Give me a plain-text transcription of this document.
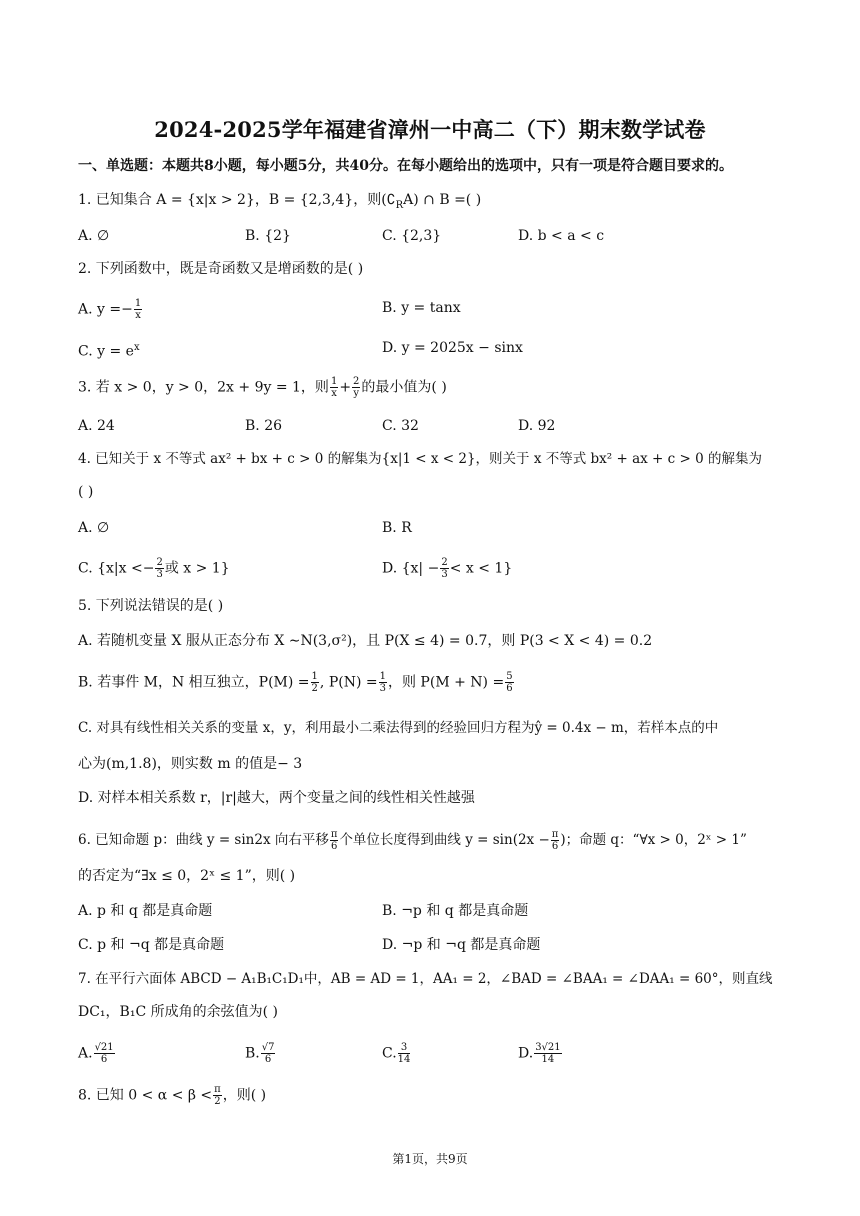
2024-2025学年福建省漳州一中高二（下）期末数学试卷
一、单选题：本题共8小题，每小题5分，共40分。在每小题给出的选项中，只有一项是符合题目要求的。
1. 已知集合 A = {x|x > 2}，B = {2,3,4}，则$(∁_RA)$ ∩ B =( )
A. ∅	B. {2}	C. {2,3}	D. b < a < c
2. 下列函数中，既是奇函数又是增函数的是( )
A. $y =- \frac{1}{x}$	B. y = tanx
C. $y = e^x$	D. y = 2025x − sinx
3. 若 x > 0，y > 0，2x + 9y = 1，则 $\frac{1}{x} + \frac{2}{y}$ 的最小值为( )
A. 24	B. 26	C. 32	D. 92
4. 已知关于 x 不等式 ax² + bx + c > 0 的解集为{x|1 < x < 2}，则关于 x 不等式 bx² + ax + c > 0 的解集为
( )
A. ∅	B. R
C. {$x|x <- \frac{2}{3}$ 或 x > 1}	D. $\{x| - \frac{2}{3} < x < 1\}$
5. 下列说法错误的是( )
A. 若随机变量 X 服从正态分布 X ∼N(3,σ²)，且 P(X ≤ 4) = 0.7，则 P(3 < X < 4) = 0.2
B. 若事件 M，N 相互独立，$P(M) = \frac{1}{2}$ , $P(N) = \frac{1}{3}$ ，则 $P(M + N) = \frac{5}{6}$
C. 对具有线性相关关系的变量 x，y，利用最小二乘法得到的经验回归方程为ŷ = 0.4x − m，若样本点的中
心为(m,1.8)，则实数 m 的值是− 3
D. 对样本相关系数 r，|r|越大，两个变量之间的线性相关性越强
6. 已知命题 p：曲线 y = sin2x 向右平移 $\frac{\pi}{6}$ 个单位长度得到曲线 $y = \sin(2x - \frac{\pi}{6}$ )；命题 q：“∀x > 0，2ˣ > 1”
的否定为“∃x ≤ 0，2ˣ ≤ 1”，则( )
A. p 和 q 都是真命题	B. ¬p 和 q 都是真命题
C. p 和 ¬q 都是真命题	D. ¬p 和 ¬q 都是真命题
7. 在平行六面体 ABCD − A₁B₁C₁D₁中，AB = AD = 1，AA₁ = 2，∠BAD = ∠BAA₁ = ∠DAA₁ = 60°，则直线
DC₁，B₁C 所成角的余弦值为( )
A. $\frac{√21}{6}$	B. $\frac{√7}{6}$	C. $\frac{3}{14}$	D. $\frac{3√21}{14}$
8. 已知 $0 < \alpha < \beta < \frac{\pi}{2}$ ，则( )
第1页，共9页
